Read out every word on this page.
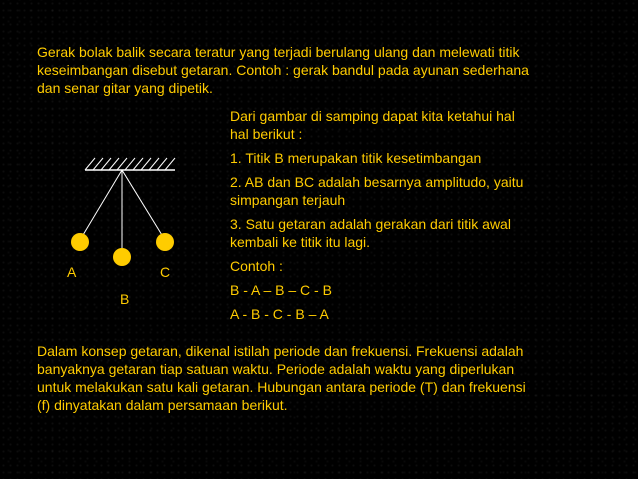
Gerak bolak balik secara teratur yang terjadi berulang ulang dan melewati titik
keseimbangan disebut getaran. Contoh : gerak bandul pada ayunan sederhana
dan senar gitar yang dipetik.
Dari gambar di samping dapat kita ketahui hal
hal berikut :
1. Titik B merupakan titik kesetimbangan
2. AB dan BC adalah besarnya amplitudo, yaitu
simpangan terjauh
3. Satu getaran adalah gerakan dari titik awal
kembali ke titik itu lagi.
Contoh :
B - A – B – C - B
A - B - C - B – A
A	C
B
Dalam konsep getaran, dikenal istilah periode dan frekuensi. Frekuensi adalah
banyaknya getaran tiap satuan waktu. Periode adalah waktu yang diperlukan
untuk melakukan satu kali getaran. Hubungan antara periode (T) dan frekuensi
(f) dinyatakan dalam persamaan berikut.
